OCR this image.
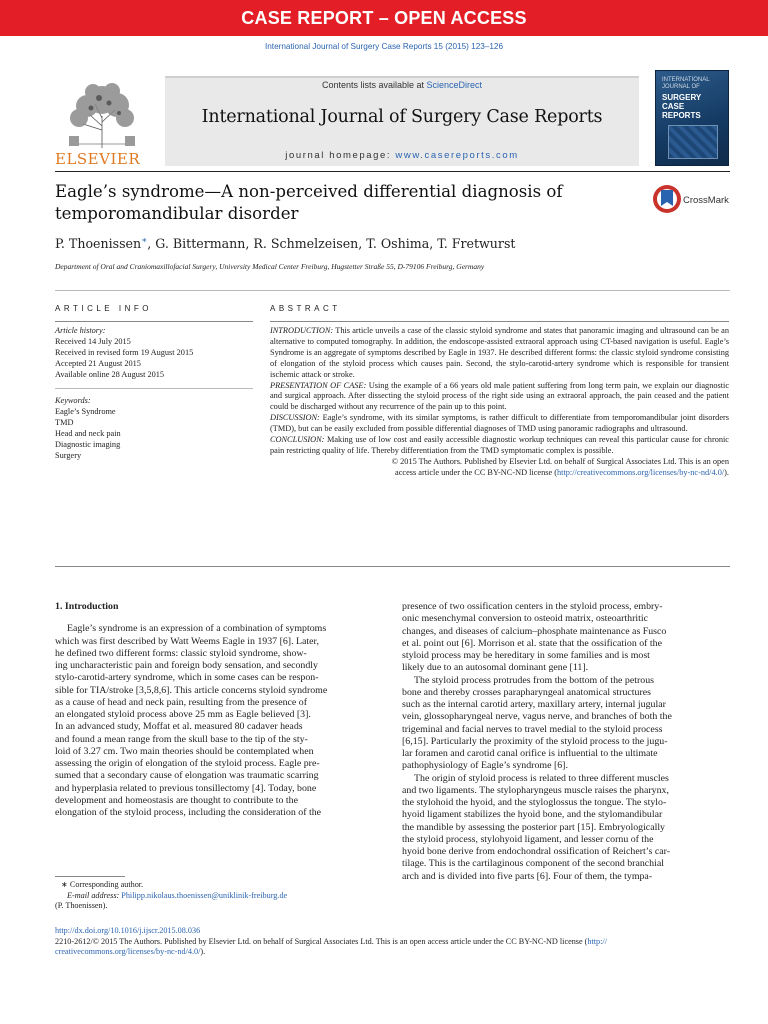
CASE REPORT – OPEN ACCESS
International Journal of Surgery Case Reports 15 (2015) 123–126
ELSEVIER
Contents lists available at ScienceDirect
International Journal of Surgery Case Reports
journal homepage: www.casereports.com
INTERNATIONAL
JOURNAL OF
SURGERY
CASE
REPORTS
Eagle’s syndrome—A non-perceived differential diagnosis of
temporomandibular disorder
CrossMark
P. Thoenissen∗, G. Bittermann, R. Schmelzeisen, T. Oshima, T. Fretwurst
Department of Oral and Craniomaxillofacial Surgery, University Medical Center Freiburg, Hugstetter Straße 55, D-79106 Freiburg, Germany
ARTICLE INFO
Article history:
Received 14 July 2015
Received in revised form 19 August 2015
Accepted 21 August 2015
Available online 28 August 2015
Keywords:
Eagle’s Syndrome
TMD
Head and neck pain
Diagnostic imaging
Surgery
ABSTRACT
INTRODUCTION: This article unveils a case of the classic styloid syndrome and states that panoramic imaging and ultrasound can be an alternative to computed tomography. In addition, the endoscope-assisted extraoral approach using CT-based navigation is useful. Eagle’s Syndrome is an aggregate of symptoms described by Eagle in 1937. He described different forms: the classic styloid syndrome consisting of elongation of the styloid process which causes pain. Second, the stylo-carotid-artery syndrome which is responsible for transient ischemic attack or stroke.
PRESENTATION OF CASE: Using the example of a 66 years old male patient suffering from long term pain, we explain our diagnostic and surgical approach. After dissecting the styloid process of the right side using an extraoral approach, the pain ceased and the patient could be discharged without any recurrence of the pain up to this point.
DISCUSSION: Eagle’s syndrome, with its similar symptoms, is rather difficult to differentiate from temporomandibular joint disorders (TMD), but can be easily excluded from possible differential diagnoses of TMD using panoramic radiographs and ultrasound.
CONCLUSION: Making use of low cost and easily accessible diagnostic workup techniques can reveal this particular cause for chronic pain restricting quality of life. Thereby differentiation from the TMD symptomatic complex is possible.
© 2015 The Authors. Published by Elsevier Ltd. on behalf of Surgical Associates Ltd. This is an open
access article under the CC BY-NC-ND license (http://creativecommons.org/licenses/by-nc-nd/4.0/).
1. Introduction
Eagle’s syndrome is an expression of a combination of symptoms
which was first described by Watt Weems Eagle in 1937 [6]. Later,
he defined two different forms: classic styloid syndrome, show-
ing uncharacteristic pain and foreign body sensation, and secondly
stylo-carotid-artery syndrome, which in some cases can be respon-
sible for TIA/stroke [3,5,8,6]. This article concerns styloid syndrome
as a cause of head and neck pain, resulting from the presence of
an elongated styloid process above 25 mm as Eagle believed [3].
In an advanced study, Moffat et al. measured 80 cadaver heads
and found a mean range from the skull base to the tip of the sty-
loid of 3.27 cm. Two main theories should be contemplated when
assessing the origin of elongation of the styloid process. Eagle pre-
sumed that a secondary cause of elongation was traumatic scarring
and hyperplasia related to previous tonsillectomy [4]. Today, bone
development and homeostasis are thought to contribute to the
elongation of the styloid process, including the consideration of the
presence of two ossification centers in the styloid process, embry-
onic mesenchymal conversion to osteoid matrix, osteoarthritic
changes, and diseases of calcium–phosphate maintenance as Fusco
et al. point out [6]. Morrison et al. state that the ossification of the
styloid process may be hereditary in some families and is most
likely due to an autosomal dominant gene [11].
The styloid process protrudes from the bottom of the petrous
bone and thereby crosses parapharyngeal anatomical structures
such as the internal carotid artery, maxillary artery, internal jugular
vein, glossopharyngeal nerve, vagus nerve, and branches of both the
trigeminal and facial nerves to travel medial to the styloid process
[6,15]. Particularly the proximity of the styloid process to the jugu-
lar foramen and carotid canal orifice is influential to the ultimate
pathophysiology of Eagle’s syndrome [6].
The origin of styloid process is related to three different muscles
and two ligaments. The stylopharyngeus muscle raises the pharynx,
the stylohoid the hyoid, and the styloglossus the tongue. The stylo-
hyoid ligament stabilizes the hyoid bone, and the stylomandibular
the mandible by assessing the posterior part [15]. Embryologically
the styloid process, stylohyoid ligament, and lesser cornu of the
hyoid bone derive from endochondral ossification of Reichert’s car-
tilage. This is the cartilaginous component of the second branchial
arch and is divided into five parts [6]. Four of them, the tympa-
∗ Corresponding author.
E-mail address: Philipp.nikolaus.thoenissen@uniklinik-freiburg.de
(P. Thoenissen).
http://dx.doi.org/10.1016/j.ijscr.2015.08.036
2210-2612/© 2015 The Authors. Published by Elsevier Ltd. on behalf of Surgical Associates Ltd. This is an open access article under the CC BY-NC-ND license (http://
creativecommons.org/licenses/by-nc-nd/4.0/).
